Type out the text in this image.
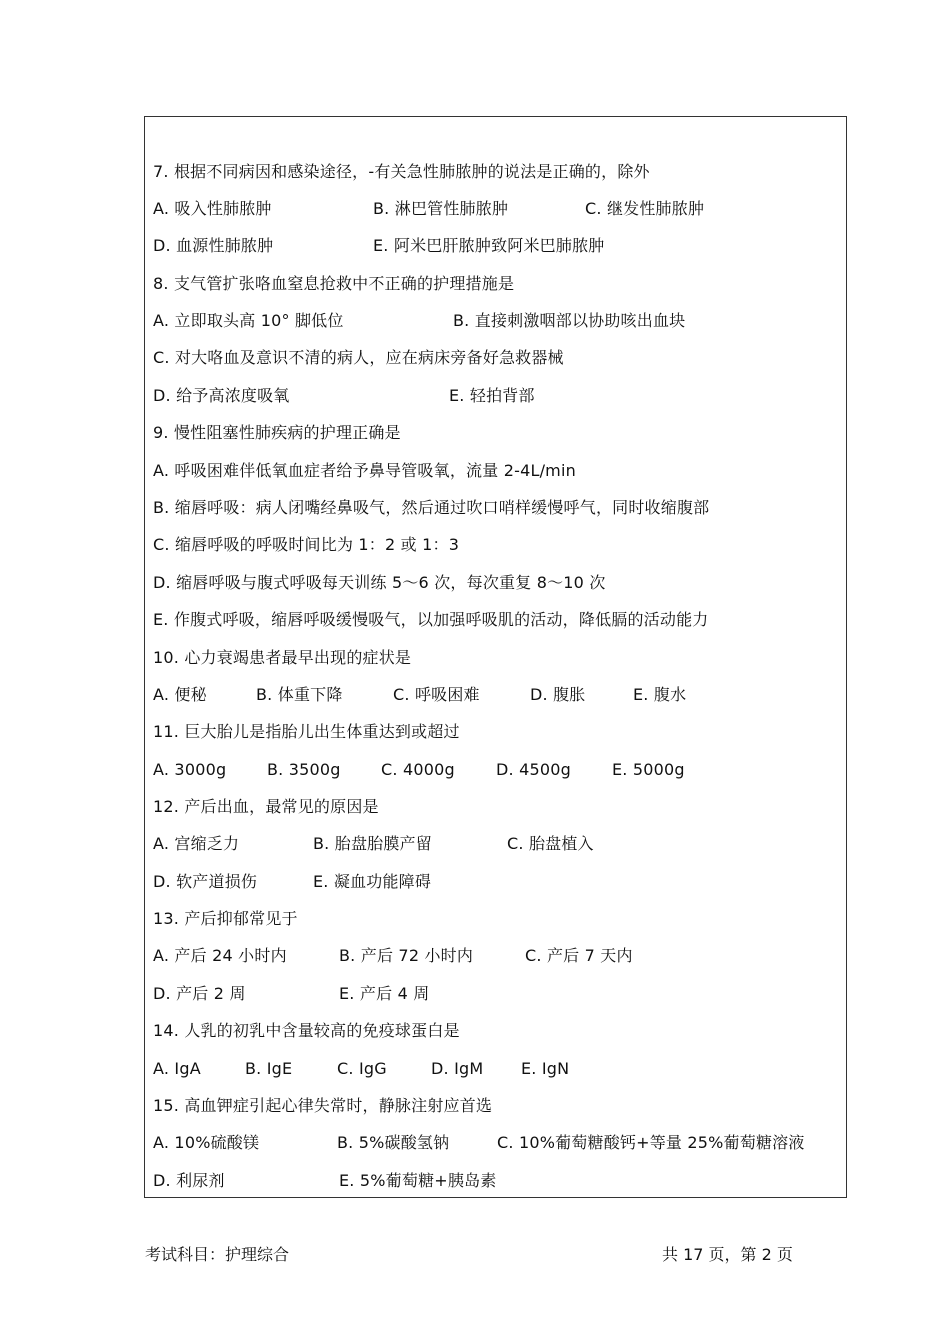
7. 根据不同病因和感染途径，-有关急性肺脓肿的说法是正确的，除外
A. 吸入性肺脓肿	B. 淋巴管性肺脓肿	C. 继发性肺脓肿
D. 血源性肺脓肿	E. 阿米巴肝脓肿致阿米巴肺脓肿
8. 支气管扩张咯血窒息抢救中不正确的护理措施是
A. 立即取头高 10° 脚低位	B. 直接刺激咽部以协助咳出血块
C. 对大咯血及意识不清的病人，应在病床旁备好急救器械
D. 给予高浓度吸氧	E. 轻拍背部
9. 慢性阻塞性肺疾病的护理正确是
A. 呼吸困难伴低氧血症者给予鼻导管吸氧，流量 2-4L/min
B. 缩唇呼吸：病人闭嘴经鼻吸气，然后通过吹口哨样缓慢呼气，同时收缩腹部
C. 缩唇呼吸的呼吸时间比为 1：2 或 1：3
D. 缩唇呼吸与腹式呼吸每天训练 5～6 次，每次重复 8～10 次
E. 作腹式呼吸，缩唇呼吸缓慢吸气，以加强呼吸肌的活动，降低膈的活动能力
10. 心力衰竭患者最早出现的症状是
A. 便秘	B. 体重下降	C. 呼吸困难	D. 腹胀	E. 腹水
11. 巨大胎儿是指胎儿出生体重达到或超过
A. 3000g	B. 3500g	C. 4000g	D. 4500g	E. 5000g
12. 产后出血，最常见的原因是
A. 宫缩乏力	B. 胎盘胎膜产留	C. 胎盘植入
D. 软产道损伤	E. 凝血功能障碍
13. 产后抑郁常见于
A. 产后 24 小时内	B. 产后 72 小时内	C. 产后 7 天内
D. 产后 2 周	E. 产后 4 周
14. 人乳的初乳中含量较高的免疫球蛋白是
A. IgA	B. IgE	C. IgG	D. IgM E. IgN
15. 高血钾症引起心律失常时，静脉注射应首选
A. 10%硫酸镁	B. 5%碳酸氢钠	C. 10%葡萄糖酸钙+等量 25%葡萄糖溶液
D. 利尿剂	E. 5%葡萄糖+胰岛素
考试科目：护理综合	共 17 页，第 2 页
